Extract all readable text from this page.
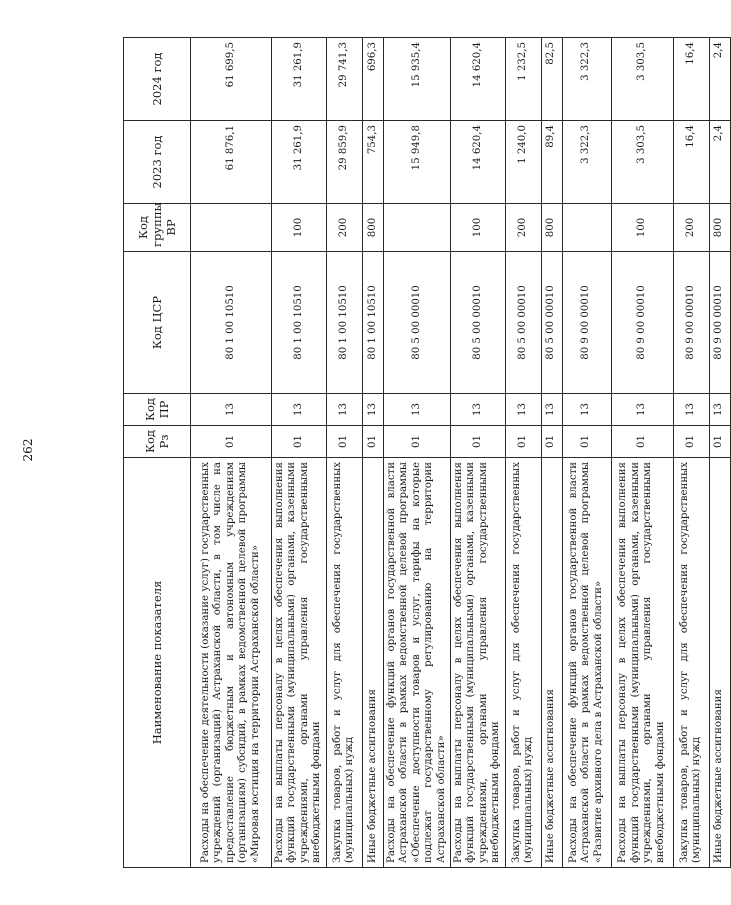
262
Наименование показателя	Код Рз	Код ПР	Код ЦСР	Код группы ВР	2023 год	2024 год
Расходы на обеспечение деятельности (оказание услуг) государственных учреждений (организаций) Астраханской области, в том числе на предоставление бюджетным и автономным учреждениям (организациям) субсидий, в рамках ведомственной целевой программы «Мировая юстиция на территории Астраханской области»	01	13	80 1 00 10510		61 876,1	61 699,5
Расходы на выплаты персоналу в целях обеспечения выполнения функций государственными (муниципальными) органами, казенными учреждениями, органами управления государственными внебюджетными фондами	01	13	80 1 00 10510	100	31 261,9	31 261,9
Закупка товаров, работ и услуг для обеспечения государственных (муниципальных) нужд	01	13	80 1 00 10510	200	29 859,9	29 741,3
Иные бюджетные ассигнования	01	13	80 1 00 10510	800	754,3	696,3
Расходы на обеспечение функций органов государственной власти Астраханской области в рамках ведомственной целевой программы «Обеспечение доступности товаров и услуг, тарифы на которые подлежат государственному регулированию на территории Астраханской области»	01	13	80 5 00 00010		15 949,8	15 935,4
Расходы на выплаты персоналу в целях обеспечения выполнения функций государственными (муниципальными) органами, казенными учреждениями, органами управления государственными внебюджетными фондами	01	13	80 5 00 00010	100	14 620,4	14 620,4
Закупка товаров, работ и услуг для обеспечения государственных (муниципальных) нужд	01	13	80 5 00 00010	200	1 240,0	1 232,5
Иные бюджетные ассигнования	01	13	80 5 00 00010	800	89,4	82,5
Расходы на обеспечение функций органов государственной власти Астраханской области в рамках ведомственной целевой программы «Развитие архивного дела в Астраханской области»	01	13	80 9 00 00010		3 322,3	3 322,3
Расходы на выплаты персоналу в целях обеспечения выполнения функций государственными (муниципальными) органами, казенными учреждениями, органами управления государственными внебюджетными фондами	01	13	80 9 00 00010	100	3 303,5	3 303,5
Закупка товаров, работ и услуг для обеспечения государственных (муниципальных) нужд	01	13	80 9 00 00010	200	16,4	16,4
Иные бюджетные ассигнования	01	13	80 9 00 00010	800	2,4	2,4
